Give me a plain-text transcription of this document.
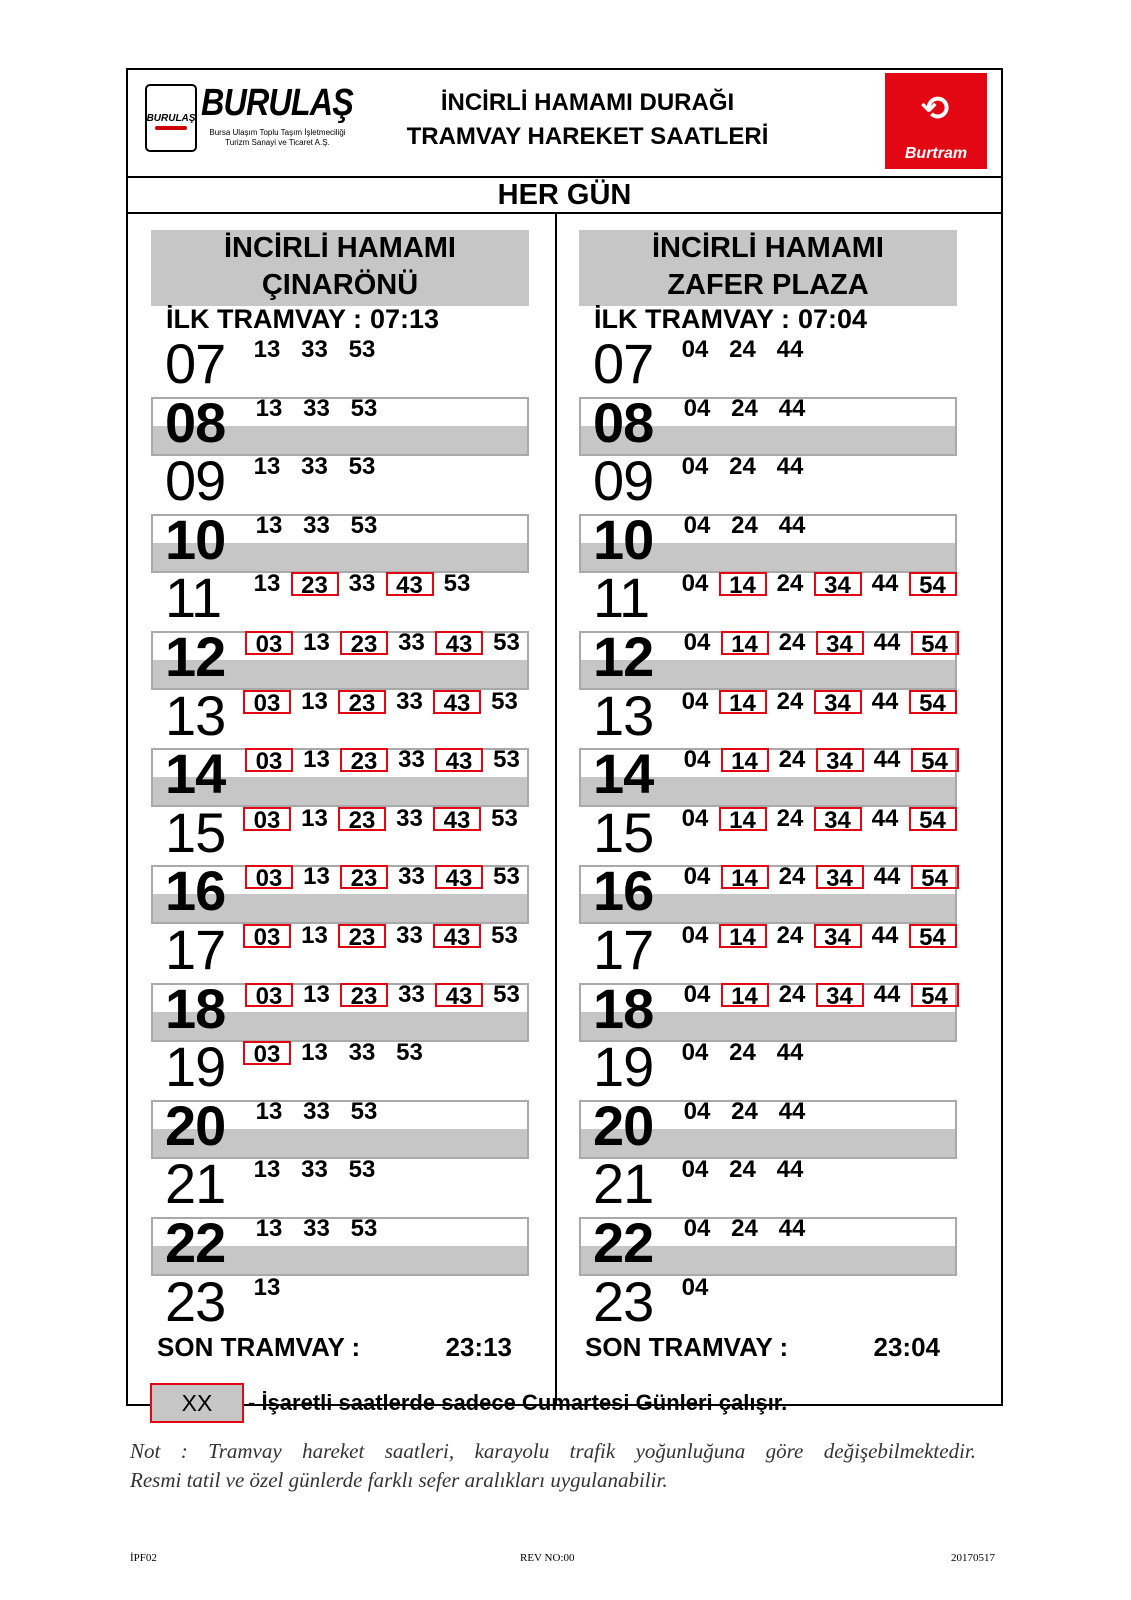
BURULAŞ BURULAŞ
Bursa Ulaşım Toplu Taşım İşletmeciliği
Turizm Sanayi ve Ticaret A.Ş.
İNCİRLİ HAMAMI DURAĞI
TRAMVAY HAREKET SAATLERİ
⟲
Burtram
HER GÜN
İNCİRLİ HAMAMI
ÇINARÖNÜ
İLK TRAMVAY : 07:13
07	13 33 53
08	13 33 53
09	13 33 53
10	13 33 53
11	13 23 33 43 53
12	03 13 23 33 43 53
13	03 13 23 33 43 53
14	03 13 23 33 43 53
15	03 13 23 33 43 53
16	03 13 23 33 43 53
17	03 13 23 33 43 53
18	03 13 23 33 43 53
19	03 13 33 53
20	13 33 53
21	13 33 53
22	13 33 53
23	13
SON TRAMVAY :	23:13
İNCİRLİ HAMAMI
ZAFER PLAZA
İLK TRAMVAY : 07:04
07	04 24 44
08	04 24 44
09	04 24 44
10	04 24 44
11	04 14 24 34 44 54
12	04 14 24 34 44 54
13	04 14 24 34 44 54
14	04 14 24 34 44 54
15	04 14 24 34 44 54
16	04 14 24 34 44 54
17	04 14 24 34 44 54
18	04 14 24 34 44 54
19	04 24 44
20	04 24 44
21	04 24 44
22	04 24 44
23	04
SON TRAMVAY :	23:04
XX	- İşaretli saatlerde sadece Cumartesi Günleri çalışır.
Not : Tramvay hareket saatleri, karayolu trafik yoğunluğuna göre değişebilmektedir.
Resmi tatil ve özel günlerde farklı sefer aralıkları uygulanabilir.
İPF02	REV NO:00	20170517
